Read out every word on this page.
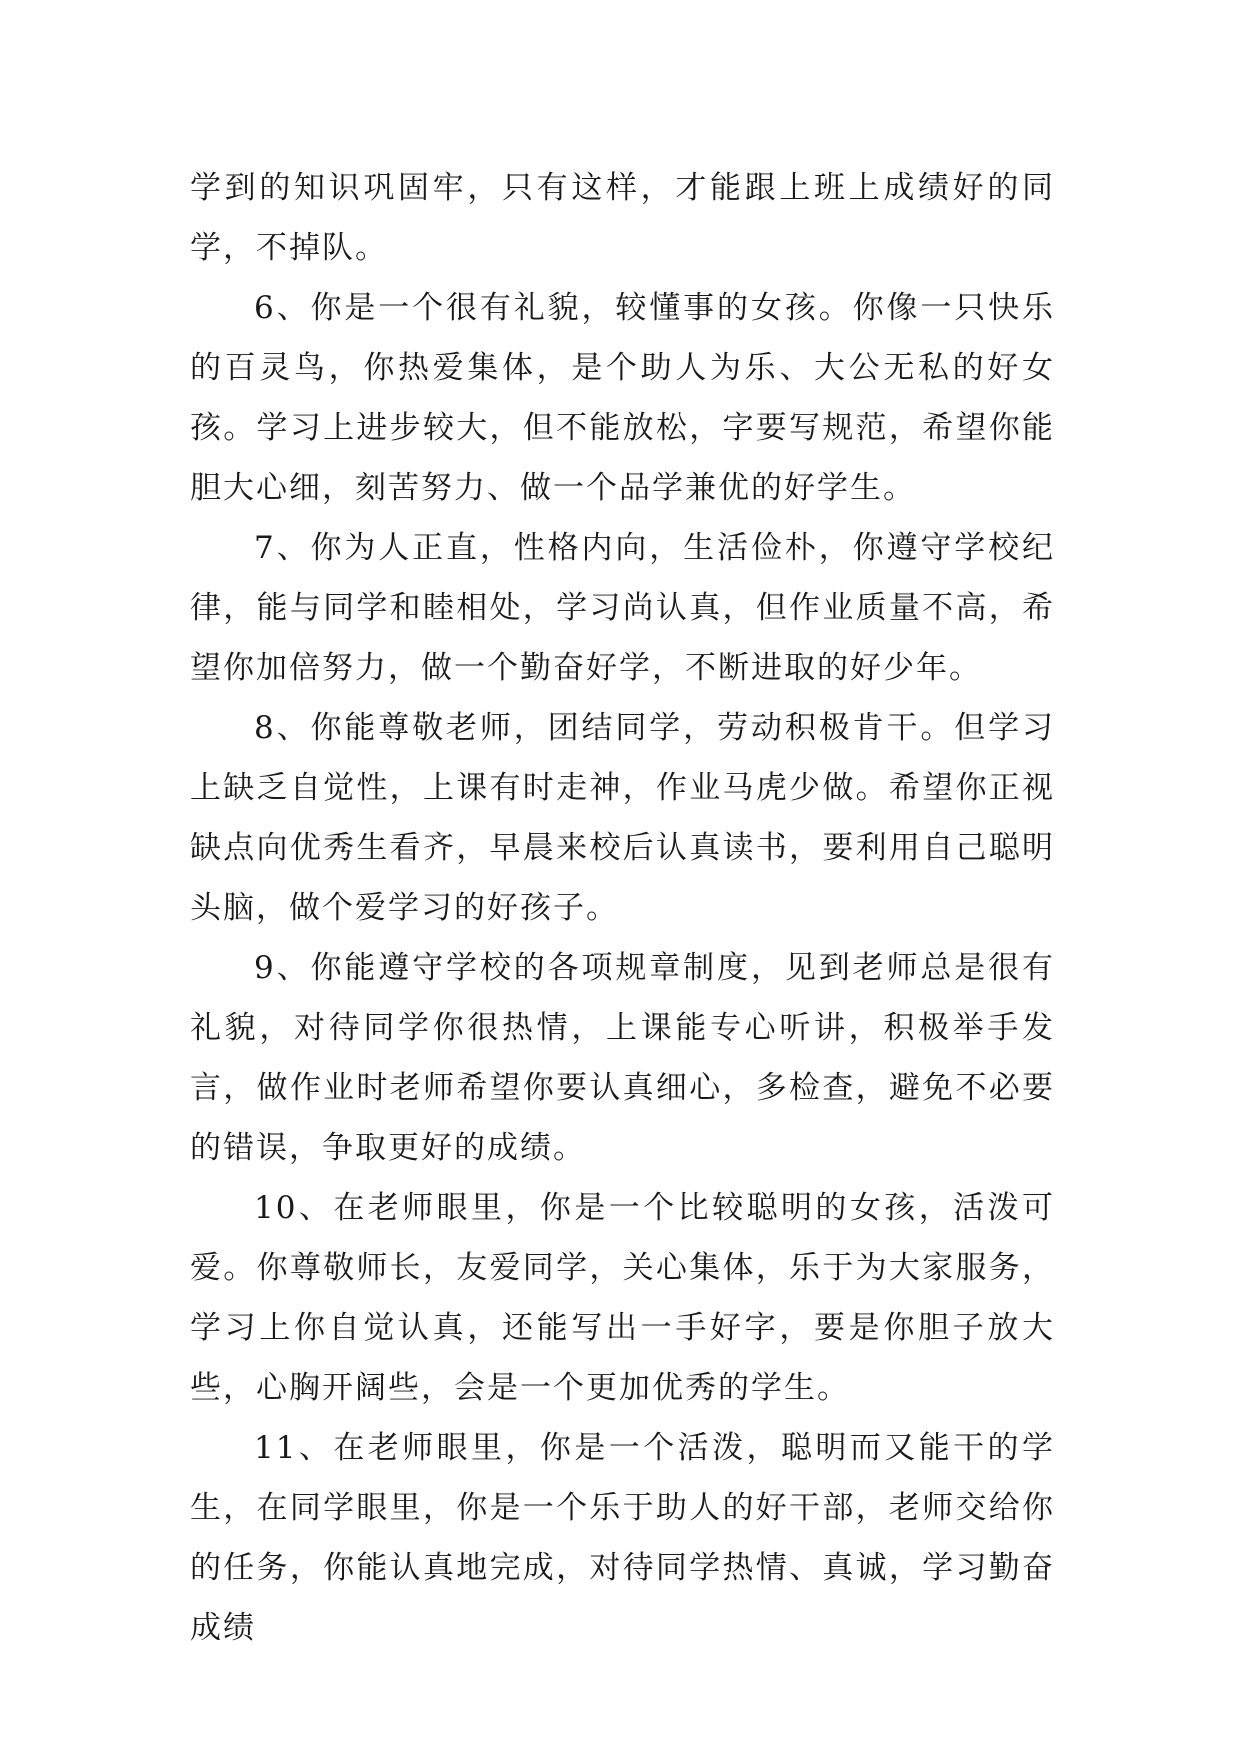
学到的知识巩固牢，只有这样，才能跟上班上成绩好的同学，不掉队。

6、你是一个很有礼貌，较懂事的女孩。你像一只快乐的百灵鸟，你热爱集体，是个助人为乐、大公无私的好女孩。学习上进步较大，但不能放松，字要写规范，希望你能胆大心细，刻苦努力、做一个品学兼优的好学生。

7、你为人正直，性格内向，生活俭朴，你遵守学校纪律，能与同学和睦相处，学习尚认真，但作业质量不高，希望你加倍努力，做一个勤奋好学，不断进取的好少年。

8、你能尊敬老师，团结同学，劳动积极肯干。但学习上缺乏自觉性，上课有时走神，作业马虎少做。希望你正视缺点向优秀生看齐，早晨来校后认真读书，要利用自己聪明头脑，做个爱学习的好孩子。

9、你能遵守学校的各项规章制度，见到老师总是很有礼貌，对待同学你很热情，上课能专心听讲，积极举手发言，做作业时老师希望你要认真细心，多检查，避免不必要的错误，争取更好的成绩。

10、在老师眼里，你是一个比较聪明的女孩，活泼可爱。你尊敬师长，友爱同学，关心集体，乐于为大家服务，学习上你自觉认真，还能写出一手好字，要是你胆子放大些，心胸开阔些，会是一个更加优秀的学生。

11、在老师眼里，你是一个活泼，聪明而又能干的学生，在同学眼里，你是一个乐于助人的好干部，老师交给你的任务，你能认真地完成，对待同学热情、真诚，学习勤奋成绩
